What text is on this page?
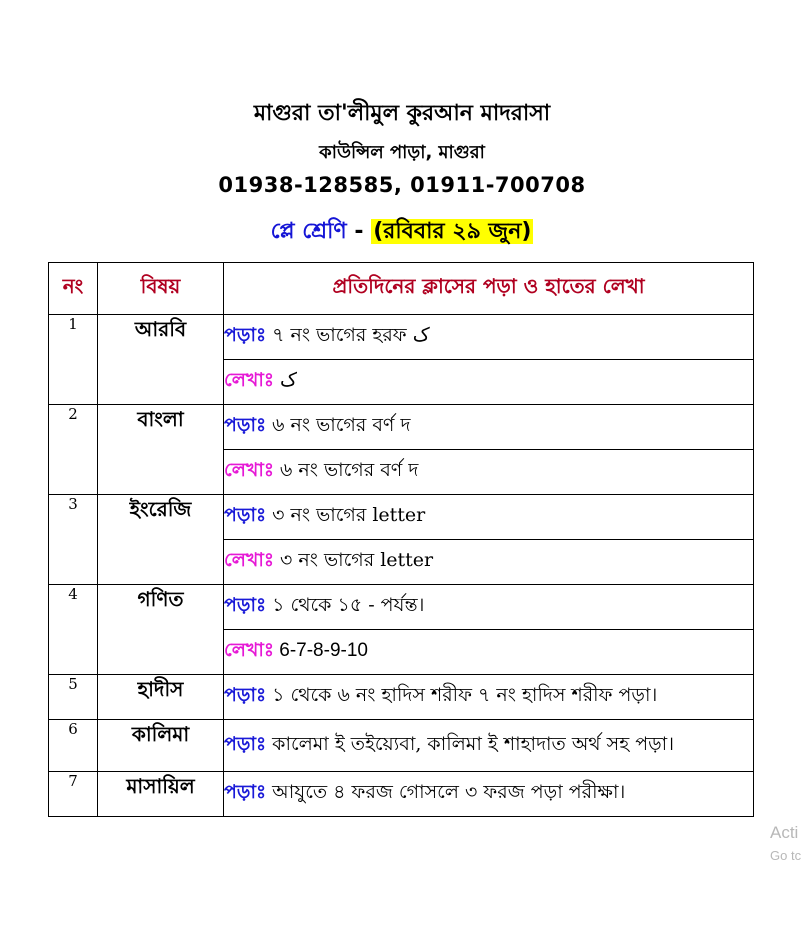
মাগুরা তা'লীমুল কুরআন মাদরাসা
কাউন্সিল পাড়া, মাগুরা
01938-128585, 01911-700708
প্লে শ্রেণি - (রবিবার ২৯ জুন)
নং	বিষয়	প্রতিদিনের ক্লাসের পড়া ও হাতের লেখা
1	আরবি	পড়াঃ ৭ নং ভাগের হরফ ﮎ
		লেখাঃ ﮎ
2	বাংলা	পড়াঃ ৬ নং ভাগের বর্ণ দ
		লেখাঃ ৬ নং ভাগের বর্ণ দ
3	ইংরেজি	পড়াঃ ৩ নং ভাগের letter
		লেখাঃ ৩ নং ভাগের letter
4	গণিত	পড়াঃ ১ থেকে ১৫ - পর্যন্ত।
		লেখাঃ 6-7-8-9-10
5	হাদীস	পড়াঃ ১ থেকে ৬ নং হাদিস শরীফ ৭ নং হাদিস শরীফ পড়া।
6	কালিমা	পড়াঃ কালেমা ই তইয়্যেবা, কালিমা ই শাহাদাত অর্থ সহ পড়া।
7	মাসায়িল	পড়াঃ আযুতে ৪ ফরজ গোসলে ৩ ফরজ পড়া পরীক্ষা।
Acti
Go tc
